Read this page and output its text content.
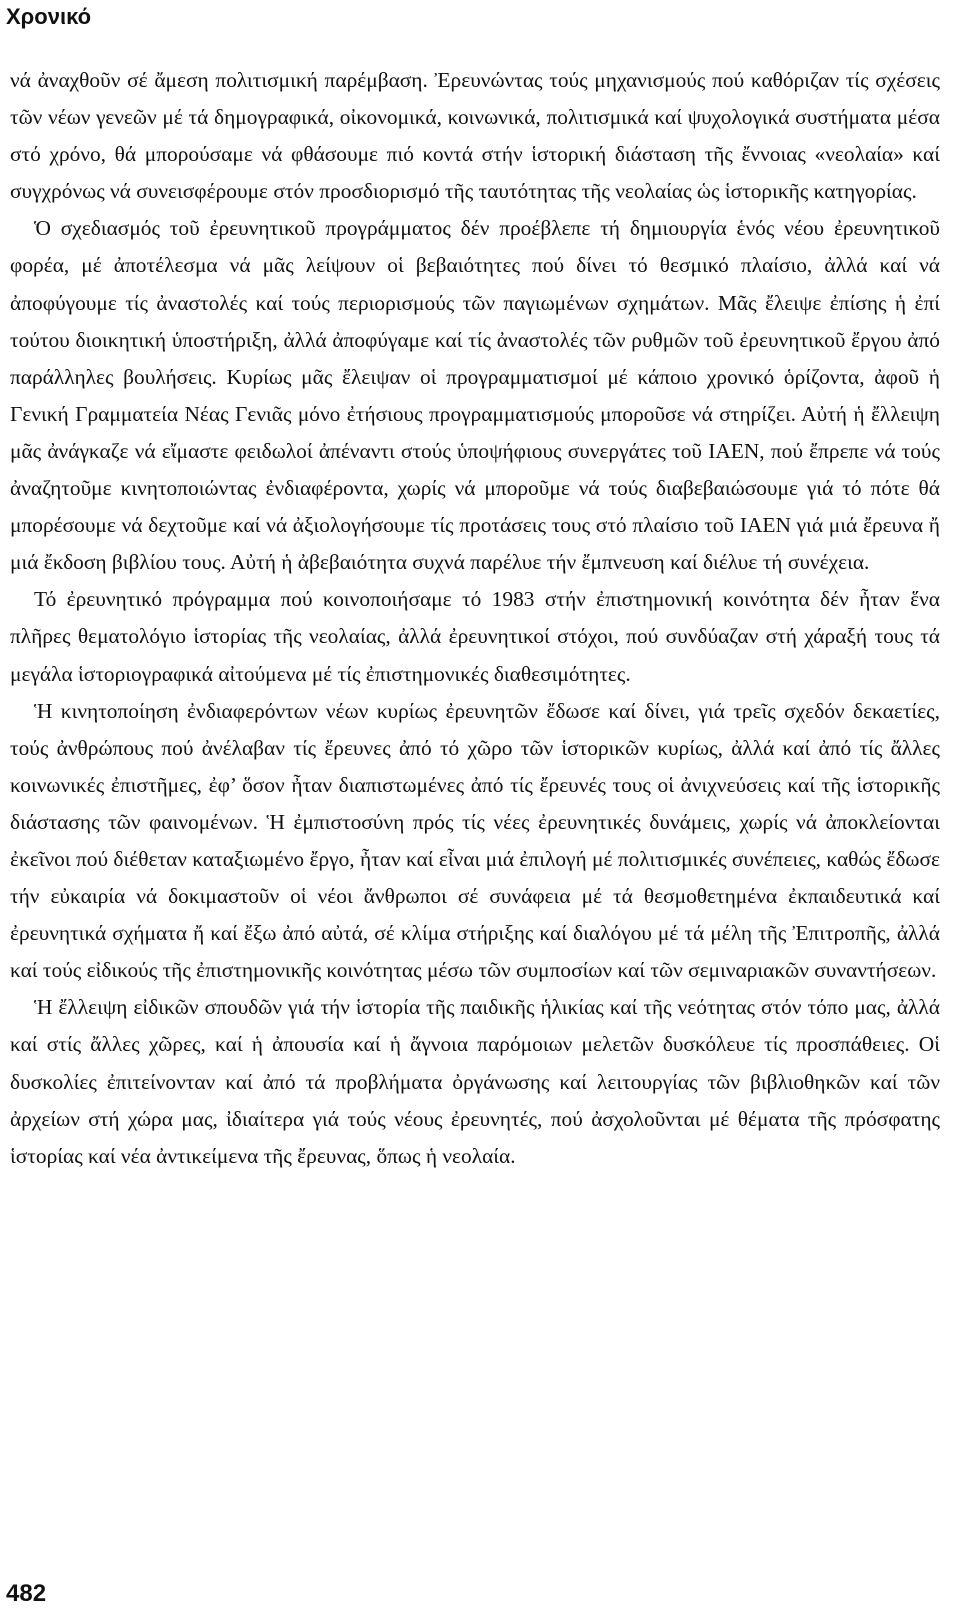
Χρονικό

νά ἀναχθοῦν σέ ἄμεση πολιτισμική παρέμβαση. Ἐρευνώντας τούς μηχανισμούς πού καθόριζαν τίς σχέσεις τῶν νέων γενεῶν μέ τά δημογραφικά, οἰκονομικά, κοινωνικά, πολιτισμικά καί ψυχολογικά συστήματα μέσα στό χρόνο, θά μπορούσαμε νά φθάσουμε πιό κοντά στήν ἱστορική διάσταση τῆς ἔννοιας «νεολαία» καί συγχρόνως νά συνεισφέρουμε στόν προσδιορισμό τῆς ταυτότητας τῆς νεολαίας ὡς ἱστορικῆς κατηγορίας.

Ὁ σχεδιασμός τοῦ ἐρευνητικοῦ προγράμματος δέν προέβλεπε τή δημιουργία ἑνός νέου ἐρευνητικοῦ φορέα, μέ ἀποτέλεσμα νά μᾶς λείψουν οἱ βεβαιότητες πού δίνει τό θεσμικό πλαίσιο, ἀλλά καί νά ἀποφύγουμε τίς ἀναστολές καί τούς περιορισμούς τῶν παγιωμένων σχημάτων. Μᾶς ἔλειψε ἐπίσης ἡ ἐπί τούτου διοικητική ὑποστήριξη, ἀλλά ἀποφύγαμε καί τίς ἀναστολές τῶν ρυθμῶν τοῦ ἐρευνητικοῦ ἔργου ἀπό παράλληλες βουλήσεις. Κυρίως μᾶς ἔλειψαν οἱ προγραμματισμοί μέ κάποιο χρονικό ὁρίζοντα, ἀφοῦ ἡ Γενική Γραμματεία Νέας Γενιᾶς μόνο ἐτήσιους προγραμματισμούς μποροῦσε νά στηρίζει. Αὐτή ἡ ἔλλειψη μᾶς ἀνάγκαζε νά εἴμαστε φειδωλοί ἀπέναντι στούς ὑποψήφιους συνεργάτες τοῦ ΙΑΕΝ, πού ἔπρεπε νά τούς ἀναζητοῦμε κινητοποιώντας ἐνδιαφέροντα, χωρίς νά μποροῦμε νά τούς διαβεβαιώσουμε γιά τό πότε θά μπορέσουμε νά δεχτοῦμε καί νά ἀξιολογήσουμε τίς προτάσεις τους στό πλαίσιο τοῦ ΙΑΕΝ γιά μιά ἔρευνα ἤ μιά ἔκδοση βιβλίου τους. Αὐτή ἡ ἀβεβαιότητα συχνά παρέλυε τήν ἔμπνευση καί διέλυε τή συνέχεια.

Τό ἐρευνητικό πρόγραμμα πού κοινοποιήσαμε τό 1983 στήν ἐπιστημονική κοινότητα δέν ἦταν ἕνα πλῆρες θεματολόγιο ἱστορίας τῆς νεολαίας, ἀλλά ἐρευνητικοί στόχοι, πού συνδύαζαν στή χάραξή τους τά μεγάλα ἱστοριογραφικά αἰτούμενα μέ τίς ἐπιστημονικές διαθεσιμότητες.

Ἡ κινητοποίηση ἐνδιαφερόντων νέων κυρίως ἐρευνητῶν ἔδωσε καί δίνει, γιά τρεῖς σχεδόν δεκαετίες, τούς ἀνθρώπους πού ἀνέλαβαν τίς ἔρευνες ἀπό τό χῶρο τῶν ἱστορικῶν κυρίως, ἀλλά καί ἀπό τίς ἄλλες κοινωνικές ἐπιστῆμες, ἐφ’ ὅσον ἦταν διαπιστωμένες ἀπό τίς ἔρευνές τους οἱ ἀνιχνεύσεις καί τῆς ἱστορικῆς διάστασης τῶν φαινομένων. Ἡ ἐμπιστοσύνη πρός τίς νέες ἐρευνητικές δυνάμεις, χωρίς νά ἀποκλείονται ἐκεῖνοι πού διέθεταν καταξιωμένο ἔργο, ἦταν καί εἶναι μιά ἐπιλογή μέ πολιτισμικές συνέπειες, καθώς ἔδωσε τήν εὐκαιρία νά δοκιμαστοῦν οἱ νέοι ἄνθρωποι σέ συνάφεια μέ τά θεσμοθετημένα ἐκπαιδευτικά καί ἐρευνητικά σχήματα ἤ καί ἔξω ἀπό αὐτά, σέ κλίμα στήριξης καί διαλόγου μέ τά μέλη τῆς Ἐπιτροπῆς, ἀλλά καί τούς εἰδικούς τῆς ἐπιστημονικῆς κοινότητας μέσω τῶν συμποσίων καί τῶν σεμιναριακῶν συναντήσεων.

Ἡ ἔλλειψη εἰδικῶν σπουδῶν γιά τήν ἱστορία τῆς παιδικῆς ἡλικίας καί τῆς νεότητας στόν τόπο μας, ἀλλά καί στίς ἄλλες χῶρες, καί ἡ ἀπουσία καί ἡ ἄγνοια παρόμοιων μελετῶν δυσκόλευε τίς προσπάθειες. Οἱ δυσκολίες ἐπιτείνονταν καί ἀπό τά προβλήματα ὀργάνωσης καί λειτουργίας τῶν βιβλιοθηκῶν καί τῶν ἀρχείων στή χώρα μας, ἰδιαίτερα γιά τούς νέους ἐρευνητές, πού ἀσχολοῦνται μέ θέματα τῆς πρόσφατης ἱστορίας καί νέα ἀντικείμενα τῆς ἔρευνας, ὅπως ἡ νεολαία.

482
